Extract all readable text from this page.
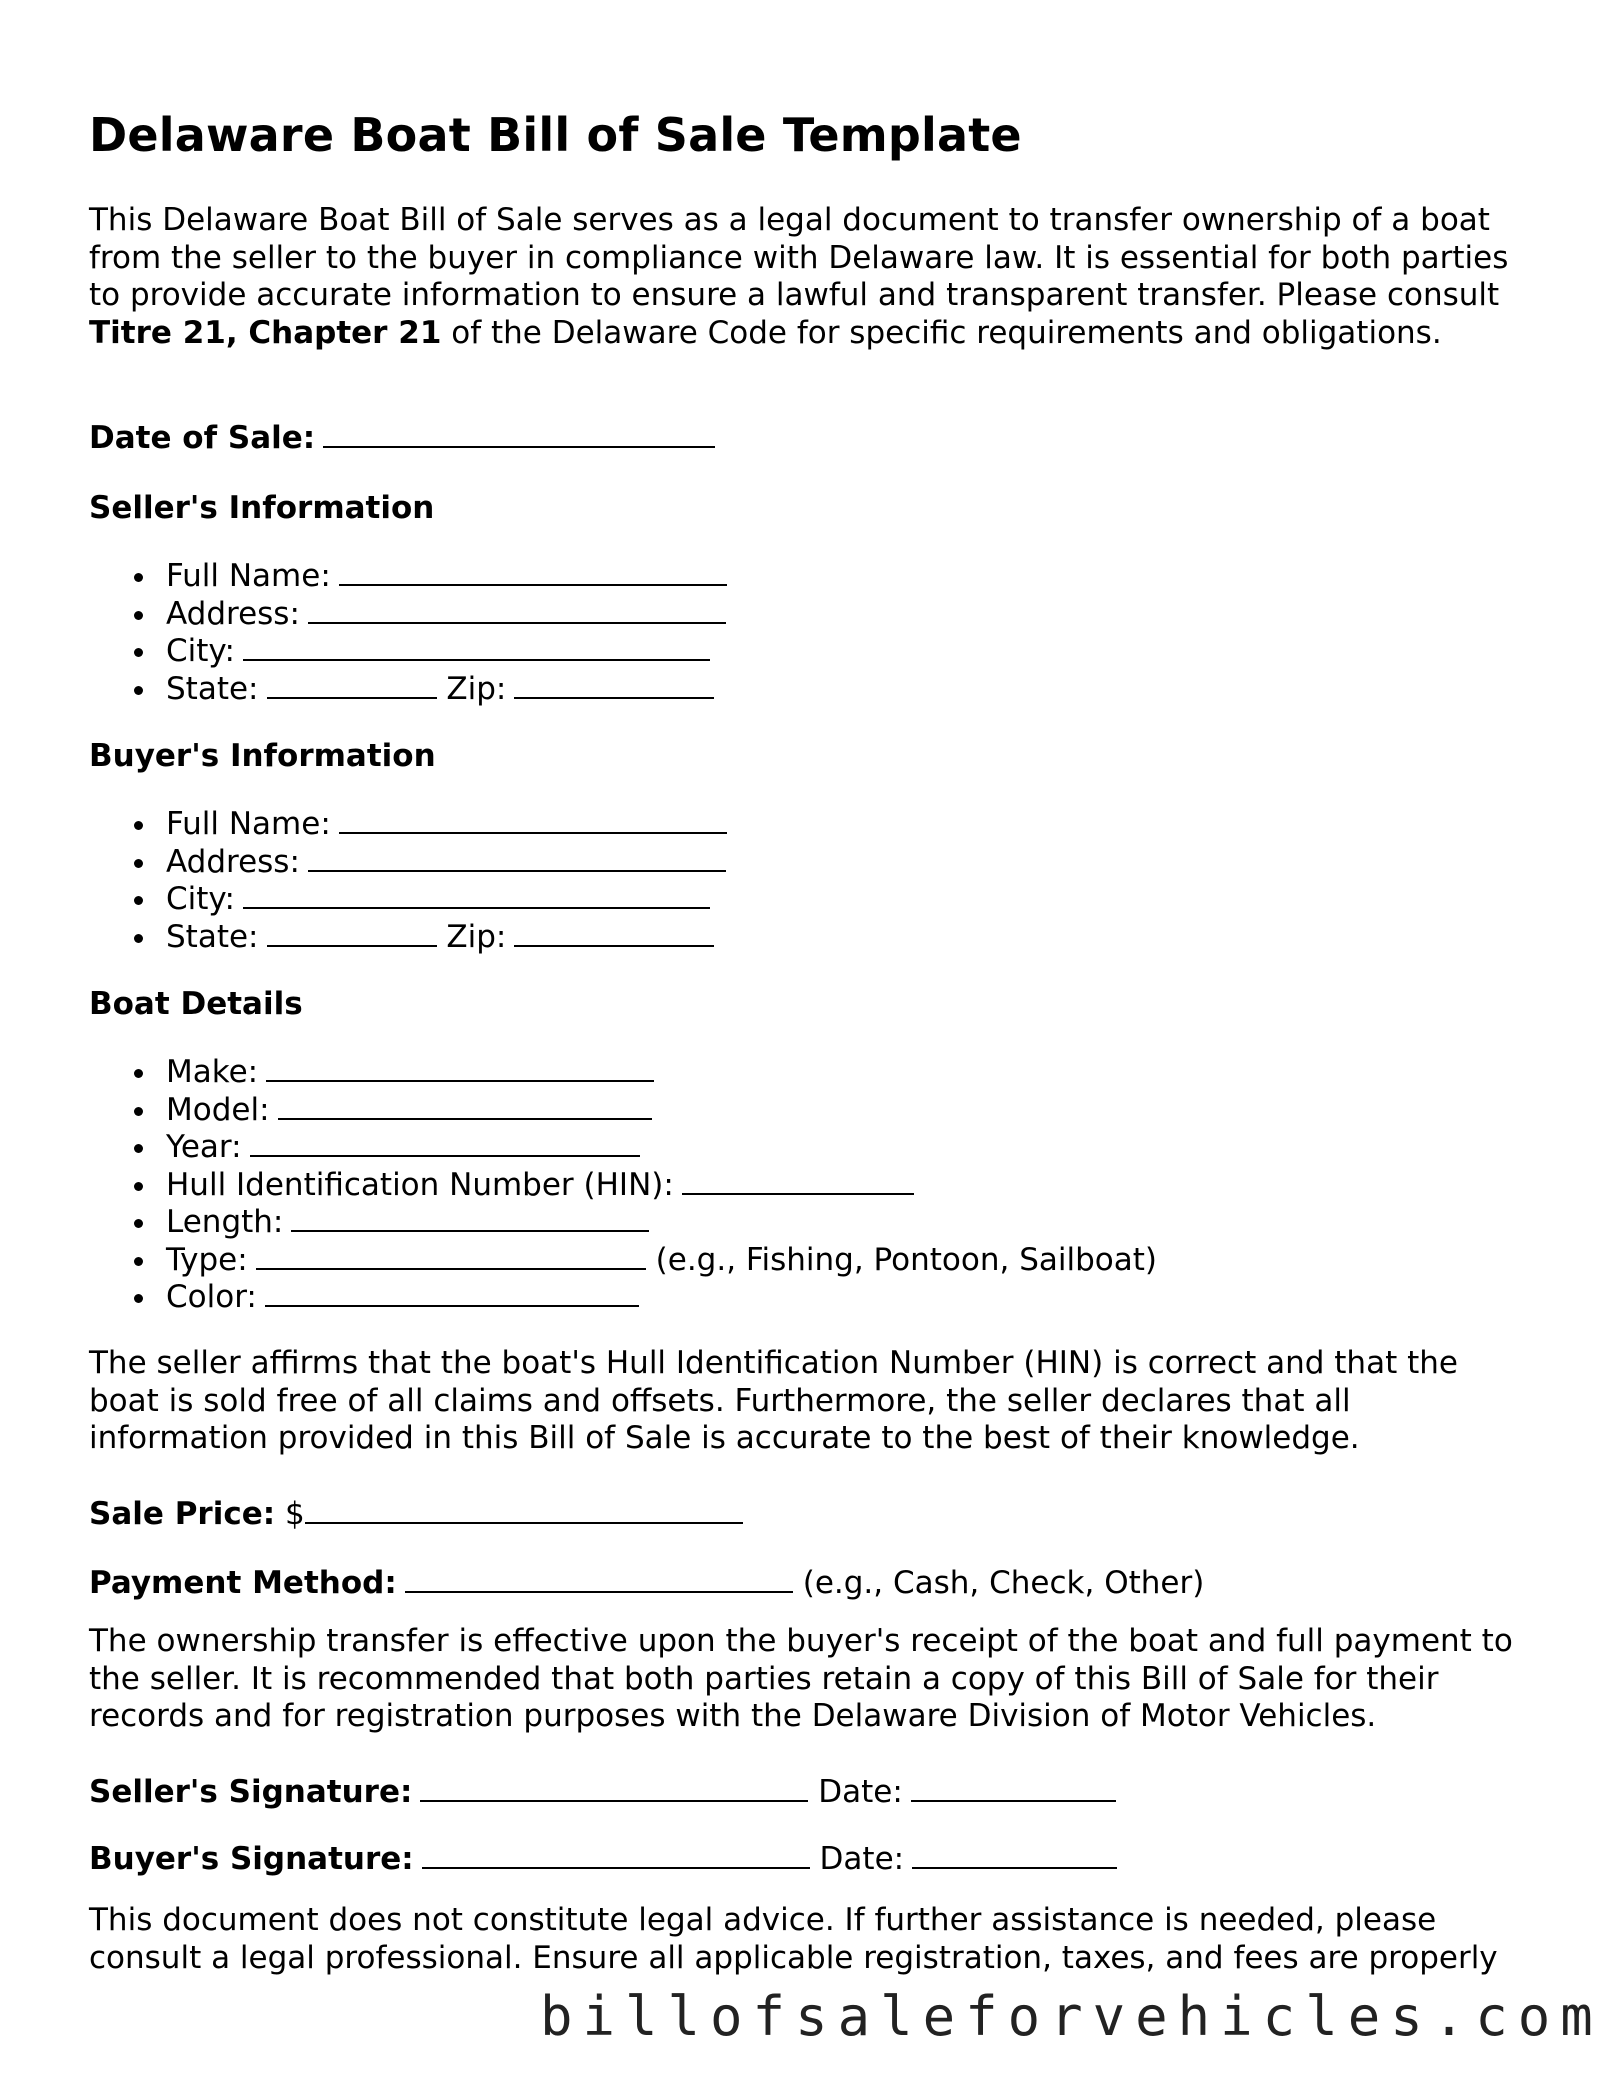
Delaware Boat Bill of Sale Template

This Delaware Boat Bill of Sale serves as a legal document to transfer ownership of a boat from the seller to the buyer in compliance with Delaware law. It is essential for both parties to provide accurate information to ensure a lawful and transparent transfer. Please consult Titre 21, Chapter 21 of the Delaware Code for specific requirements and obligations.

Date of Sale:

Seller's Information

Full Name:
Address:
City:
State:	Zip:

Buyer's Information

Full Name:
Address:
City:
State:	Zip:

Boat Details

Make:
Model:
Year:
Hull Identification Number (HIN):
Length:
Type:	(e.g., Fishing, Pontoon, Sailboat)
Color:

The seller affirms that the boat's Hull Identification Number (HIN) is correct and that the boat is sold free of all claims and offsets. Furthermore, the seller declares that all information provided in this Bill of Sale is accurate to the best of their knowledge.

Sale Price: $

Payment Method:	(e.g., Cash, Check, Other)

The ownership transfer is effective upon the buyer's receipt of the boat and full payment to the seller. It is recommended that both parties retain a copy of this Bill of Sale for their records and for registration purposes with the Delaware Division of Motor Vehicles.

Seller's Signature:	Date:

Buyer's Signature:	Date:

This document does not constitute legal advice. If further assistance is needed, please consult a legal professional. Ensure all applicable registration, taxes, and fees are properly

billofsaleforvehicles.com
